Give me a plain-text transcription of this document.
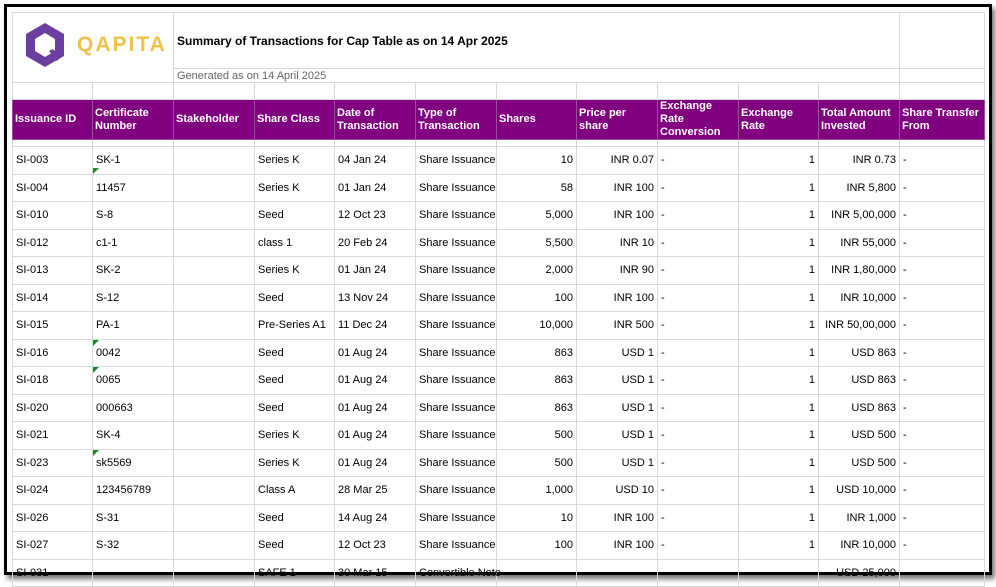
QAPITA		Summary of Transactions for Cap Table as on 14 Apr 2025									
		Generated as on 14 April 2025									

Issuance ID	Certificate Number	Stakeholder	Share Class	Date of Transaction	Type of Transaction	Shares	Price per share	Exchange Rate Conversion	Exchange Rate	Total Amount Invested	Share Transfer From

SI-003	SK-1		Series K	04 Jan 24	Share Issuance	10	INR 0.07	-	1	INR 0.73	-
SI-004	11457		Series K	01 Jan 24	Share Issuance	58	INR 100	-	1	INR 5,800	-
SI-010	S-8		Seed	12 Oct 23	Share Issuance	5,000	INR 100	-	1	INR 5,00,000	-
SI-012	c1-1		class 1	20 Feb 24	Share Issuance	5,500	INR 10	-	1	INR 55,000	-
SI-013	SK-2		Series K	01 Jan 24	Share Issuance	2,000	INR 90	-	1	INR 1,80,000	-
SI-014	S-12		Seed	13 Nov 24	Share Issuance	100	INR 100	-	1	INR 10,000	-
SI-015	PA-1		Pre-Series A1	11 Dec 24	Share Issuance	10,000	INR 500	-	1	INR 50,00,000	-
SI-016	0042		Seed	01 Aug 24	Share Issuance	863	USD 1	-	1	USD 863	-
SI-018	0065		Seed	01 Aug 24	Share Issuance	863	USD 1	-	1	USD 863	-
SI-020	000663		Seed	01 Aug 24	Share Issuance	863	USD 1	-	1	USD 863	-
SI-021	SK-4		Series K	01 Aug 24	Share Issuance	500	USD 1	-	1	USD 500	-
SI-023	sk5569		Series K	01 Aug 24	Share Issuance	500	USD 1	-	1	USD 500	-
SI-024	123456789		Class A	28 Mar 25	Share Issuance	1,000	USD 10	-	1	USD 10,000	-
SI-026	S-31		Seed	14 Aug 24	Share Issuance	10	INR 100	-	1	INR 1,000	-
SI-027	S-32		Seed	12 Oct 23	Share Issuance	100	INR 100	-	1	INR 10,000	-
SI-031			SAFE 1	30 Mar 15	Convertible Note					USD 25,000	
